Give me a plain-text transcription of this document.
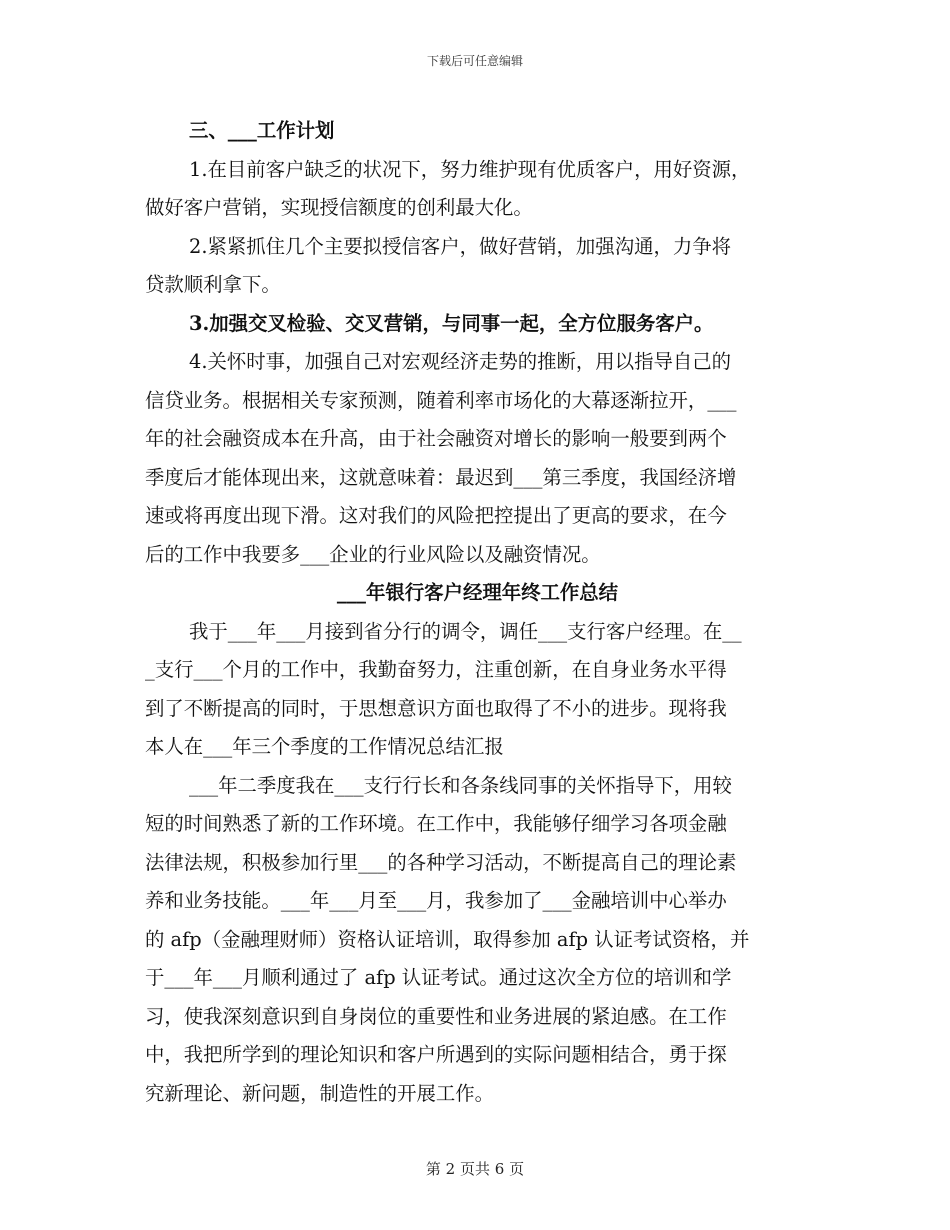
下载后可任意编辑
三、___工作计划
1.在目前客户缺乏的状况下，努力维护现有优质客户，用好资源，
做好客户营销，实现授信额度的创利最大化。
2.紧紧抓住几个主要拟授信客户，做好营销，加强沟通，力争将
贷款顺利拿下。
3.加强交叉检验、交叉营销，与同事一起，全方位服务客户。
4.关怀时事，加强自己对宏观经济走势的推断，用以指导自己的
信贷业务。根据相关专家预测，随着利率市场化的大幕逐渐拉开，___
年的社会融资成本在升高，由于社会融资对增长的影响一般要到两个
季度后才能体现出来，这就意味着：最迟到___第三季度，我国经济增
速或将再度出现下滑。这对我们的风险把控提出了更高的要求，在今
后的工作中我要多___企业的行业风险以及融资情况。
___年银行客户经理年终工作总结
我于___年___月接到省分行的调令，调任___支行客户经理。在__
_支行___个月的工作中，我勤奋努力，注重创新，在自身业务水平得
到了不断提高的同时，于思想意识方面也取得了不小的进步。现将我
本人在___年三个季度的工作情况总结汇报
___年二季度我在___支行行长和各条线同事的关怀指导下，用较
短的时间熟悉了新的工作环境。在工作中，我能够仔细学习各项金融
法律法规，积极参加行里___的各种学习活动，不断提高自己的理论素
养和业务技能。___年___月至___月，我参加了___金融培训中心举办
的 afp（金融理财师）资格认证培训，取得参加 afp 认证考试资格，并
于___年___月顺利通过了 afp 认证考试。通过这次全方位的培训和学
习，使我深刻意识到自身岗位的重要性和业务进展的紧迫感。在工作
中，我把所学到的理论知识和客户所遇到的实际问题相结合，勇于探
究新理论、新问题，制造性的开展工作。
第 2 页共 6 页
